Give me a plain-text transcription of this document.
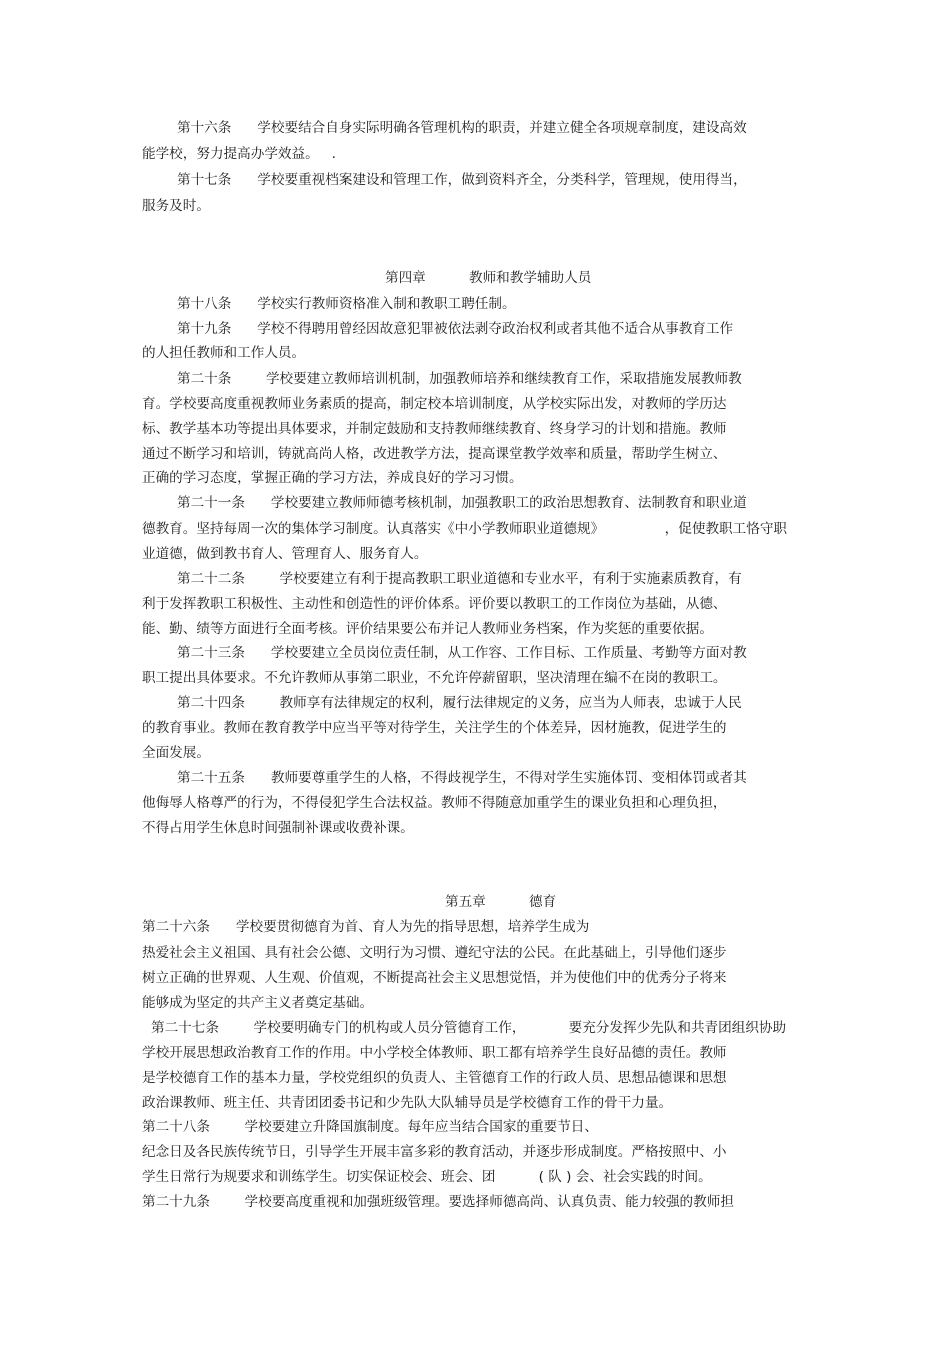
第十六条      学校要结合自身实际明确各管理机构的职责，并建立健全各项规章制度，建设高效
能学校，努力提高办学效益。   .
第十七条      学校要重视档案建设和管理工作，做到资料齐全，分类科学，管理规，使用得当，
服务及时。
第四章          教师和教学辅助人员
第十八条      学校实行教师资格准入制和教职工聘任制。
第十九条      学校不得聘用曾经因故意犯罪被依法剥夺政治权利或者其他不适合从事教育工作
的人担任教师和工作人员。
第二十条        学校要建立教师培训机制，加强教师培养和继续教育工作，采取措施发展教师教
育。学校要高度重视教师业务素质的提高，制定校本培训制度，从学校实际出发，对教师的学历达
标、教学基本功等提出具体要求，并制定鼓励和支持教师继续教育、终身学习的计划和措施。教师
通过不断学习和培训，铸就高尚人格，改进教学方法，提高课堂教学效率和质量，帮助学生树立、
正确的学习态度，掌握正确的学习方法，养成良好的学习习惯。
第二十一条      学校要建立教师师德考核机制，加强教职工的政治思想教育、法制教育和职业道
德教育。坚持每周一次的集体学习制度。认真落实《中小学教师职业道德规》              ，促使教职工恪守职
业道德，做到教书育人、管理育人、服务育人。
第二十二条        学校要建立有利于提高教职工职业道德和专业水平，有利于实施素质教育，有
利于发挥教职工积极性、主动性和创造性的评价体系。评价要以教职工的工作岗位为基础，从德、
能、勤、绩等方面进行全面考核。评价结果要公布并记人教师业务档案，作为奖惩的重要依据。
第二十三条      学校要建立全员岗位责任制，从工作容、工作目标、工作质量、考勤等方面对教
职工提出具体要求。不允许教师从事第二职业，不允许停薪留职，坚决清理在编不在岗的教职工。
第二十四条        教师享有法律规定的权利，履行法律规定的义务，应当为人师表，忠诚于人民
的教育事业。教师在教育教学中应当平等对待学生，关注学生的个体差异，因材施教，促进学生的
全面发展。
第二十五条      教师要尊重学生的人格，不得歧视学生，不得对学生实施体罚、变相体罚或者其
他侮辱人格尊严的行为，不得侵犯学生合法权益。教师不得随意加重学生的课业负担和心理负担，
不得占用学生休息时间强制补课或收费补课。
第五章          德育
第二十六条      学校要贯彻德育为首、育人为先的指导思想，培养学生成为
热爱社会主义祖国、具有社会公德、文明行为习惯、遵纪守法的公民。在此基础上，引导他们逐步
树立正确的世界观、人生观、价值观，不断提高社会主义思想觉悟，并为使他们中的优秀分子将来
能够成为坚定的共产主义者奠定基础。
第二十七条        学校要明确专门的机构或人员分管德育工作，          要充分发挥少先队和共青团组织协助
学校开展思想政治教育工作的作用。中小学校全体教师、职工都有培养学生良好品德的责任。教师
是学校德育工作的基本力量，学校党组织的负责人、主管德育工作的行政人员、思想品德课和思想
政治课教师、班主任、共青团团委书记和少先队大队辅导员是学校德育工作的骨干力量。
第二十八条        学校要建立升降国旗制度。每年应当结合国家的重要节日、
纪念日及各民族传统节日，引导学生开展丰富多彩的教育活动，并逐步形成制度。严格按照中、小
学生日常行为规要求和训练学生。切实保证校会、班会、团          ( 队 ) 会、社会实践的时间。
第二十九条        学校要高度重视和加强班级管理。要选择师德高尚、认真负责、能力较强的教师担
